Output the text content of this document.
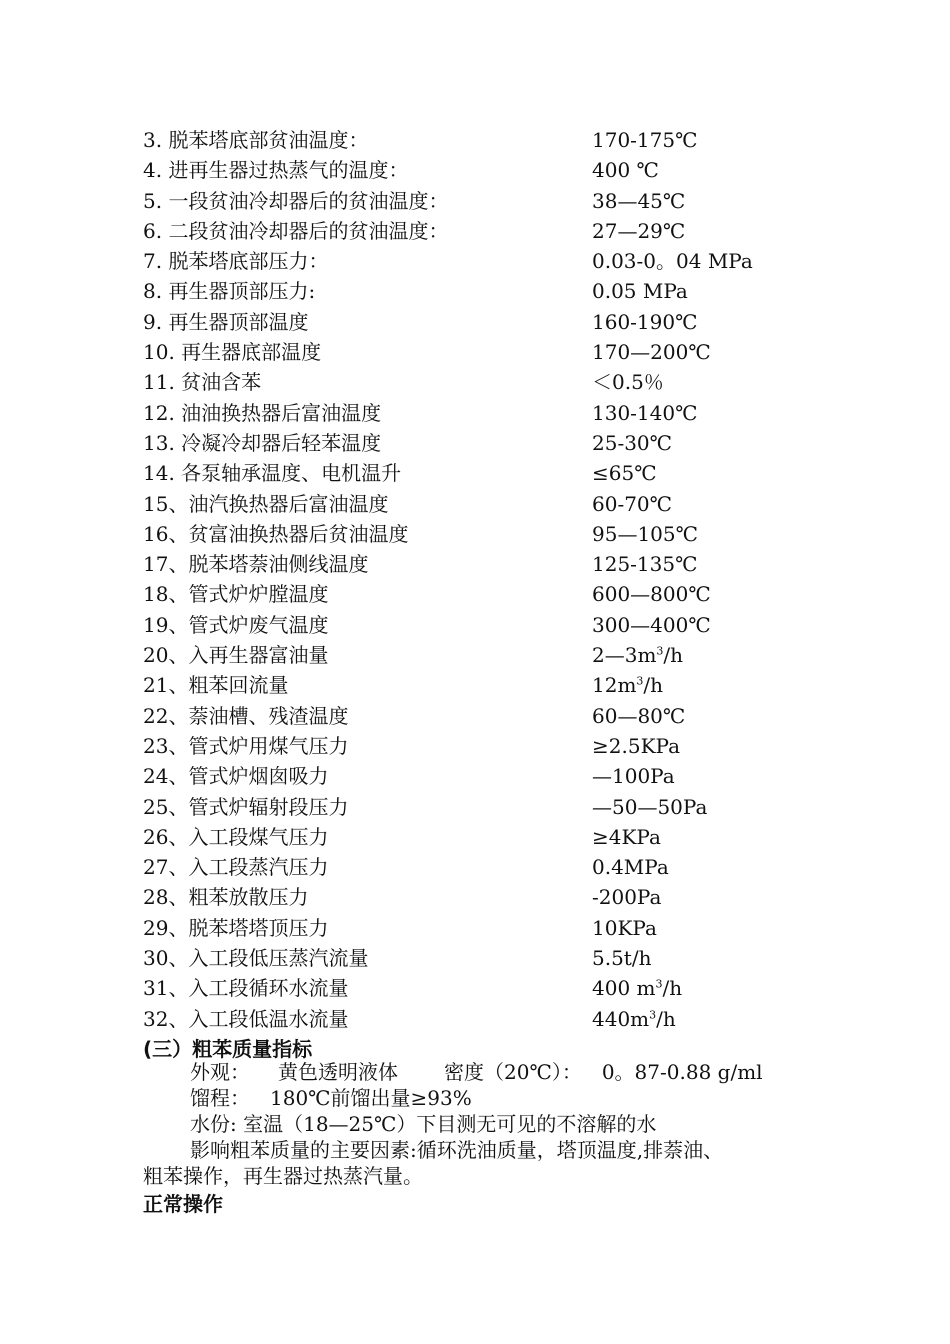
3. 脱苯塔底部贫油温度：	170-175℃
4. 进再生器过热蒸气的温度：	400 ℃
5. 一段贫油冷却器后的贫油温度：	38—45℃
6. 二段贫油冷却器后的贫油温度：	27—29℃
7. 脱苯塔底部压力：	0.03-0。04 MPa
8. 再生器顶部压力:	0.05 MPa
9. 再生器顶部温度	160-190℃
10. 再生器底部温度	170—200℃
11. 贫油含苯	＜0.5％
12. 油油换热器后富油温度	130-140℃
13. 冷凝冷却器后轻苯温度	25-30℃
14. 各泵轴承温度、电机温升	≤65℃
15、油汽换热器后富油温度	60-70℃
16、贫富油换热器后贫油温度	95—105℃
17、脱苯塔萘油侧线温度	125-135℃
18、管式炉炉膛温度	600—800℃
19、管式炉废气温度	300—400℃
20、入再生器富油量	$2—3m^3/h$
21、粗苯回流量	$12m^3/h$
22、萘油槽、残渣温度	60—80℃
23、管式炉用煤气压力	≥2.5KPa
24、管式炉烟囱吸力	—100Pa
25、管式炉辐射段压力	—50—50Pa
26、入工段煤气压力	≥4KPa
27、入工段蒸汽压力	0.4MPa
28、粗苯放散压力	-200Pa
29、脱苯塔塔顶压力	10KPa
30、入工段低压蒸汽流量	5.5t/h
31、入工段循环水流量	400 $m^3/h$
32、入工段低温水流量	$440m^3/h$
(三）粗苯质量指标
外观： 黄色透明液体 密度（20℃）： 0。87-0.88 g/ml
馏程： 180℃前馏出量≥93%
水份: 室温（18—25℃）下目测无可见的不溶解的水
影响粗苯质量的主要因素:循环洗油质量，塔顶温度,排萘油、
粗苯操作，再生器过热蒸汽量。
正常操作
